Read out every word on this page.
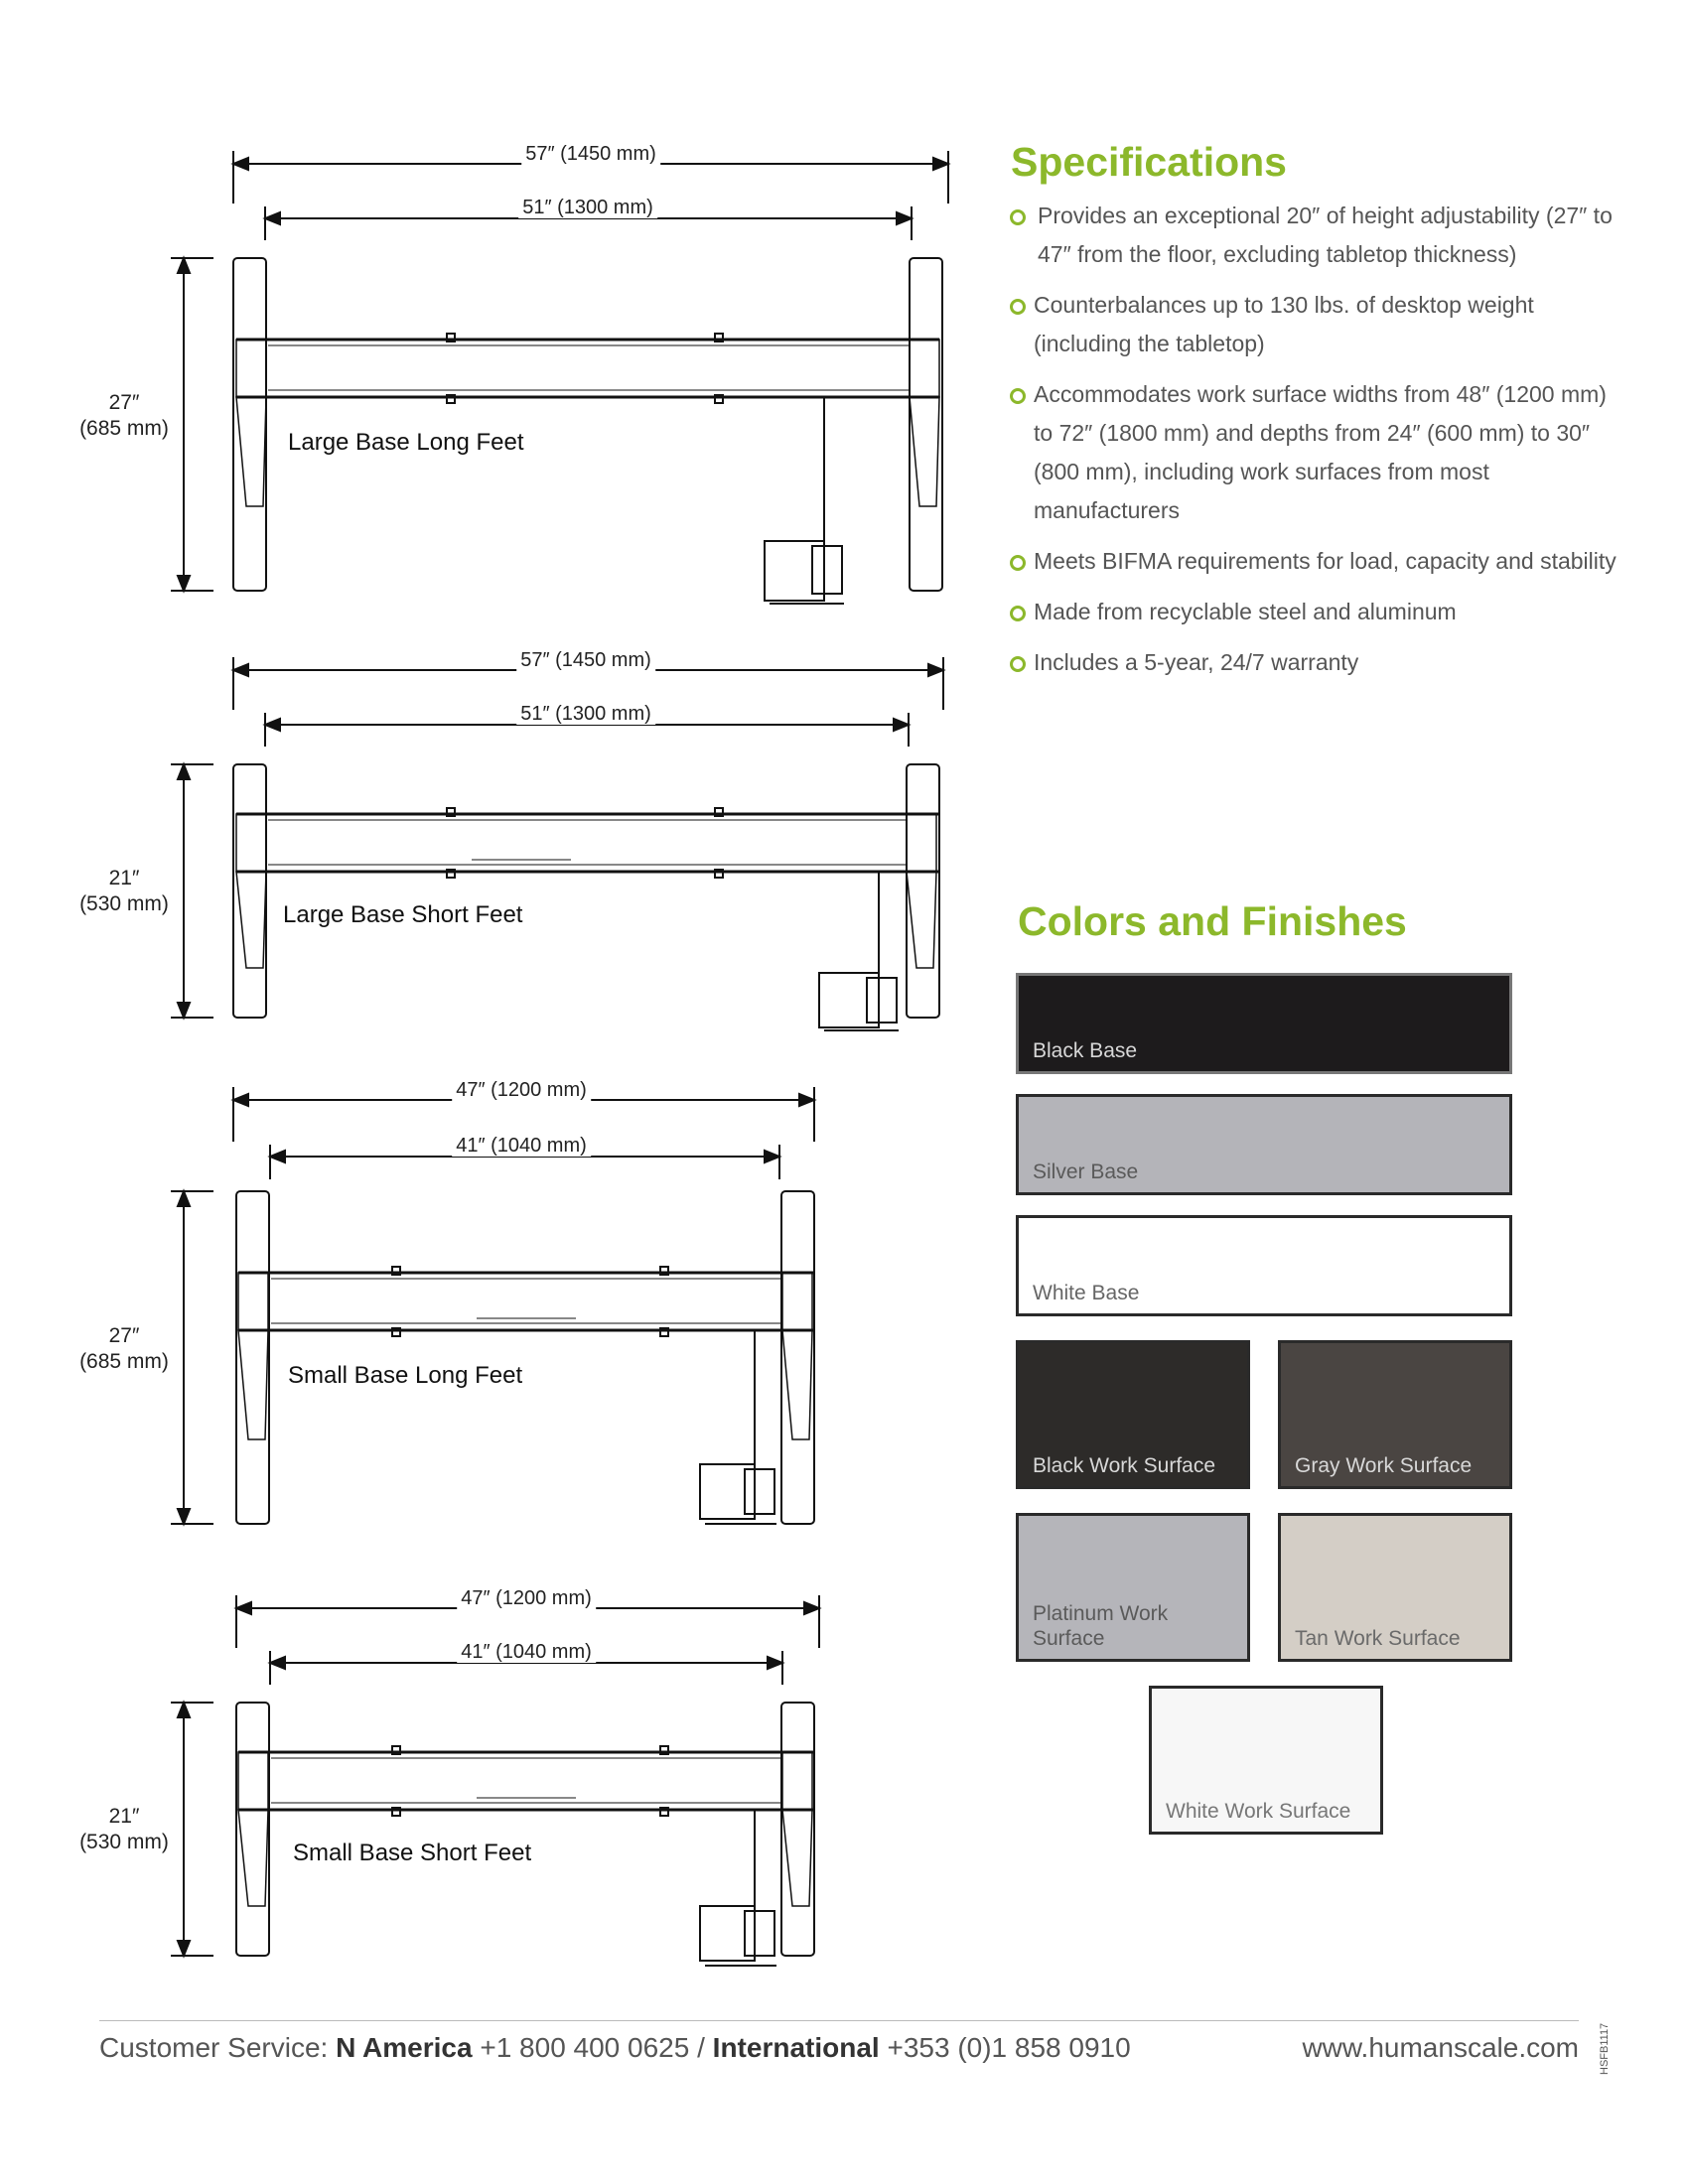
57″ (1450 mm)
51″ (1300 mm)
27″
(685 mm)
Large Base Long Feet
57″ (1450 mm)
51″ (1300 mm)
21″
(530 mm)	Large Base Short Feet
47″ (1200 mm)
41″ (1040 mm)
27″
(685 mm)
Small Base Long Feet
47″ (1200 mm)
41″ (1040 mm)
21″
(530 mm)	Small Base Short Feet
Specifications
Provides an exceptional 20″ of height adjustability (27″ to 47″ from the floor, excluding tabletop thickness)
Counterbalances up to 130 lbs. of desktop weight (including the tabletop)
Accommodates work surface widths from 48″ (1200 mm) to 72″ (1800 mm) and depths from 24″ (600 mm) to 30″ (800 mm), including work surfaces from most manufacturers
Meets BIFMA requirements for load, capacity and stability
Made from recyclable steel and aluminum
Includes a 5-year, 24/7 warranty
Colors and Finishes
Black Base
Silver Base
White Base
Black Work Surface	Gray Work Surface
Platinum Work Surface	Tan Work Surface
White Work Surface
Customer Service: N America +1 800 400 0625 / International +353 (0)1 858 0910	www.humanscale.com HSFB1117
